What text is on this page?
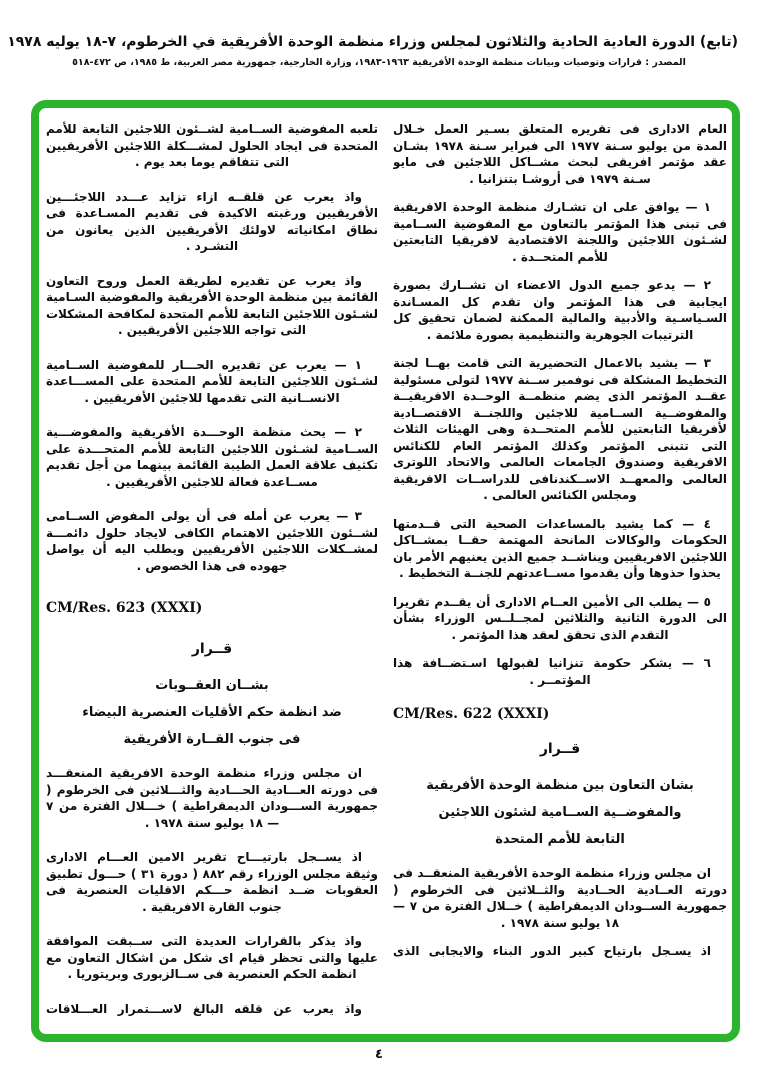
(تابع) الدورة العادية الحادية والثلاثون لمجلس وزراء منظمة الوحدة الأفريقية في الخرطوم، ٧-١٨ يوليه ١٩٧٨
المصدر : قرارات وتوصيات وبيانات منظمة الوحدة الأفريقية ١٩٦٣-١٩٨٣، وزارة الخارجية، جمهورية مصر العربية، ط ١٩٨٥، ص ٤٧٢-٥١٨

العام الادارى فى تقريره المتعلق بسـير العمل خـلال المدة من يوليو سـنة ١٩٧٧ الى فبراير سـنة ١٩٧٨ بشـان عقد مؤتمر افريقى لبحث مشــاكل اللاجئين فى مايو سـنة ١٩٧٩ فى أروشـا بتنزانيا .

١ — يوافق على ان تشـارك منظمة الوحدة الافريقية فى تبنى هذا المؤتمر بالتعاون مع المفوضية الســامية لشـئون اللاجئين واللجنة الاقتصادية لافريقيا التابعتين للأمم المتحــدة .

٢ — يدعو جميع الدول الاعضاء ان تشــارك بصورة ايجابية فى هذا المؤتمر وان تقدم كل المسـاندة السـياسـية والأدبية والمالية الممكنة لضمان تحقيق كل الترتيبات الجوهرية والتنظيمية بصورة ملائمة .

٣ — يشيد بالاعمال التحضيرية التى قامت بهــا لجنة التخطيط المشكلة فى نوفمبر ســنة ١٩٧٧ لتولى مسئولية عقــد المؤتمر الذى يضم منظمــة الوحــدة الافريقيــة والمفوضــية الســامية للاجئين واللجنــة الاقتصــادية لأفريقيا التابعتين للأمم المتحــدة وهى الهيئات الثلاث التى تتبنى المؤتمر وكذلك المؤتمر العام للكنائس الافريقية وصندوق الجامعات العالمى والاتحاد اللوترى العالمى والمعهــد الاســكندنافى للدراســات الافريقية ومجلس الكنائس العالمى .

٤ — كما يشيد بالمساعدات الصحية التى قــدمتها الحكومات والوكالات المانحة المهتمة حقــا بمشــاكل اللاجئين الافريقيين ويناشــد جميع الذين يعنيهم الأمر بان يحذوا حذوها وأن يقدموا مســاعدتهم للجنــة التخطيط .

٥ — يطلب الى الأمين العــام الادارى أن يقــدم تقريرا الى الدورة الثانية والثلاثين لمجــلــس الوزراء بشأن التقدم الذى تحقق لعقد هذا المؤتمر .

٦ — يشكر حكومة تنزانيا لقبولها اسـتضــافة هذا المؤتمــر .

CM/Res. 622 (XXXI)
قــرار
بشان التعاون بين منظمة الوحدة الأفريقية
والمفوضــية الســامية لشئون اللاجئين
التابعة للأمم المتحدة

ان مجلس وزراء منظمة الوحدة الأفريقية المنعقــد فى دورته العــادية الحــادية والثــلاثين فى الخرطوم ( جمهورية الســودان الديمقراطية ) خــلال الفترة من ٧ — ١٨ يوليو سنة ١٩٧٨ .

اذ يسـجل بارتياح كبير الدور البناء والايجابى الذى

تلعبه المفوضية الســامية لشــئون اللاجئين التابعة للأمم المتحدة فى ايجاد الحلول لمشـــكلة اللاجئين الأفريقيين التى تتفاقم يوما بعد يوم .

واذ يعرب عن قلقــه ازاء تزايد عـــدد اللاجئـــين الأفريقيين ورغبته الاكيدة فى تقديم المسـاعدة فى نطاق امكانياته لاولئك الأفريقيين الذين يعانون من التشـرد .

واذ يعرب عن تقديره لطريقة العمل وروح التعاون القائمة بين منظمة الوحدة الأفريقية والمفوضية السـامية لشـئون اللاجئين التابعة للأمم المتحدة لمكافحة المشكلات التى تواجه اللاجئين الأفريقيين .

١ — يعرب عن تقديره الحـــار للمفوضية الســامية لشـئون اللاجئين التابعة للأمم المتحدة على المســـاعدة الانســانية التى تقدمها للاجئين الأفريقيين .

٢ — يحث منظمة الوحـــدة الأفريقية والمفوضـــية الســامية لشـئون اللاجئين التابعة للأمم المتحـــدة على تكثيف علاقة العمل الطيبة القائمة بينهما من أجل تقديم مســاعدة فعالة للاجئين الأفريقيين .

٣ — يعرب عن أمله فى أن يولى المفوض الســامى لشــئون اللاجئين الاهتمام الكافى لايجاد حلول دائمـــة لمشــكلات اللاجئين الأفريقيين ويطلب اليه أن يواصل جهوده فى هذا الخصوص .

CM/Res. 623 (XXXI)
قــرار
بشــان العقــوبات
ضد انظمة حكم الأقليات العنصرية البيضاء
فى جنوب القــارة الأفريقية

ان مجلس وزراء منظمة الوحدة الافريقية المنعقـــد فى دورته العـــادية الحـــادية والثـــلاثين فى الخرطوم ( جمهورية الســـودان الديمقراطية ) خـــلال الفترة من ٧ — ١٨ يوليو سنة ١٩٧٨ .

اذ يســجل بارتيـــاح تقرير الامين العـــام الادارى وثيقة مجلس الوزراء رقم ٨٨٢ ( دورة ٣١ ) حـــول تطبيق العقوبات ضــد انظمة حـــكم الاقليات العنصرية فى جنوب القارة الافريقية .

واذ يذكر بالقرارات العديدة التى ســبقت الموافقة عليها والتى تحظر قيام اى شكل من اشكال التعاون مع انظمة الحكم العنصرية فى ســالزبورى وبريتوريا .

واذ يعرب عن قلقه البالغ لاســـتمرار العـــلاقات

٤
